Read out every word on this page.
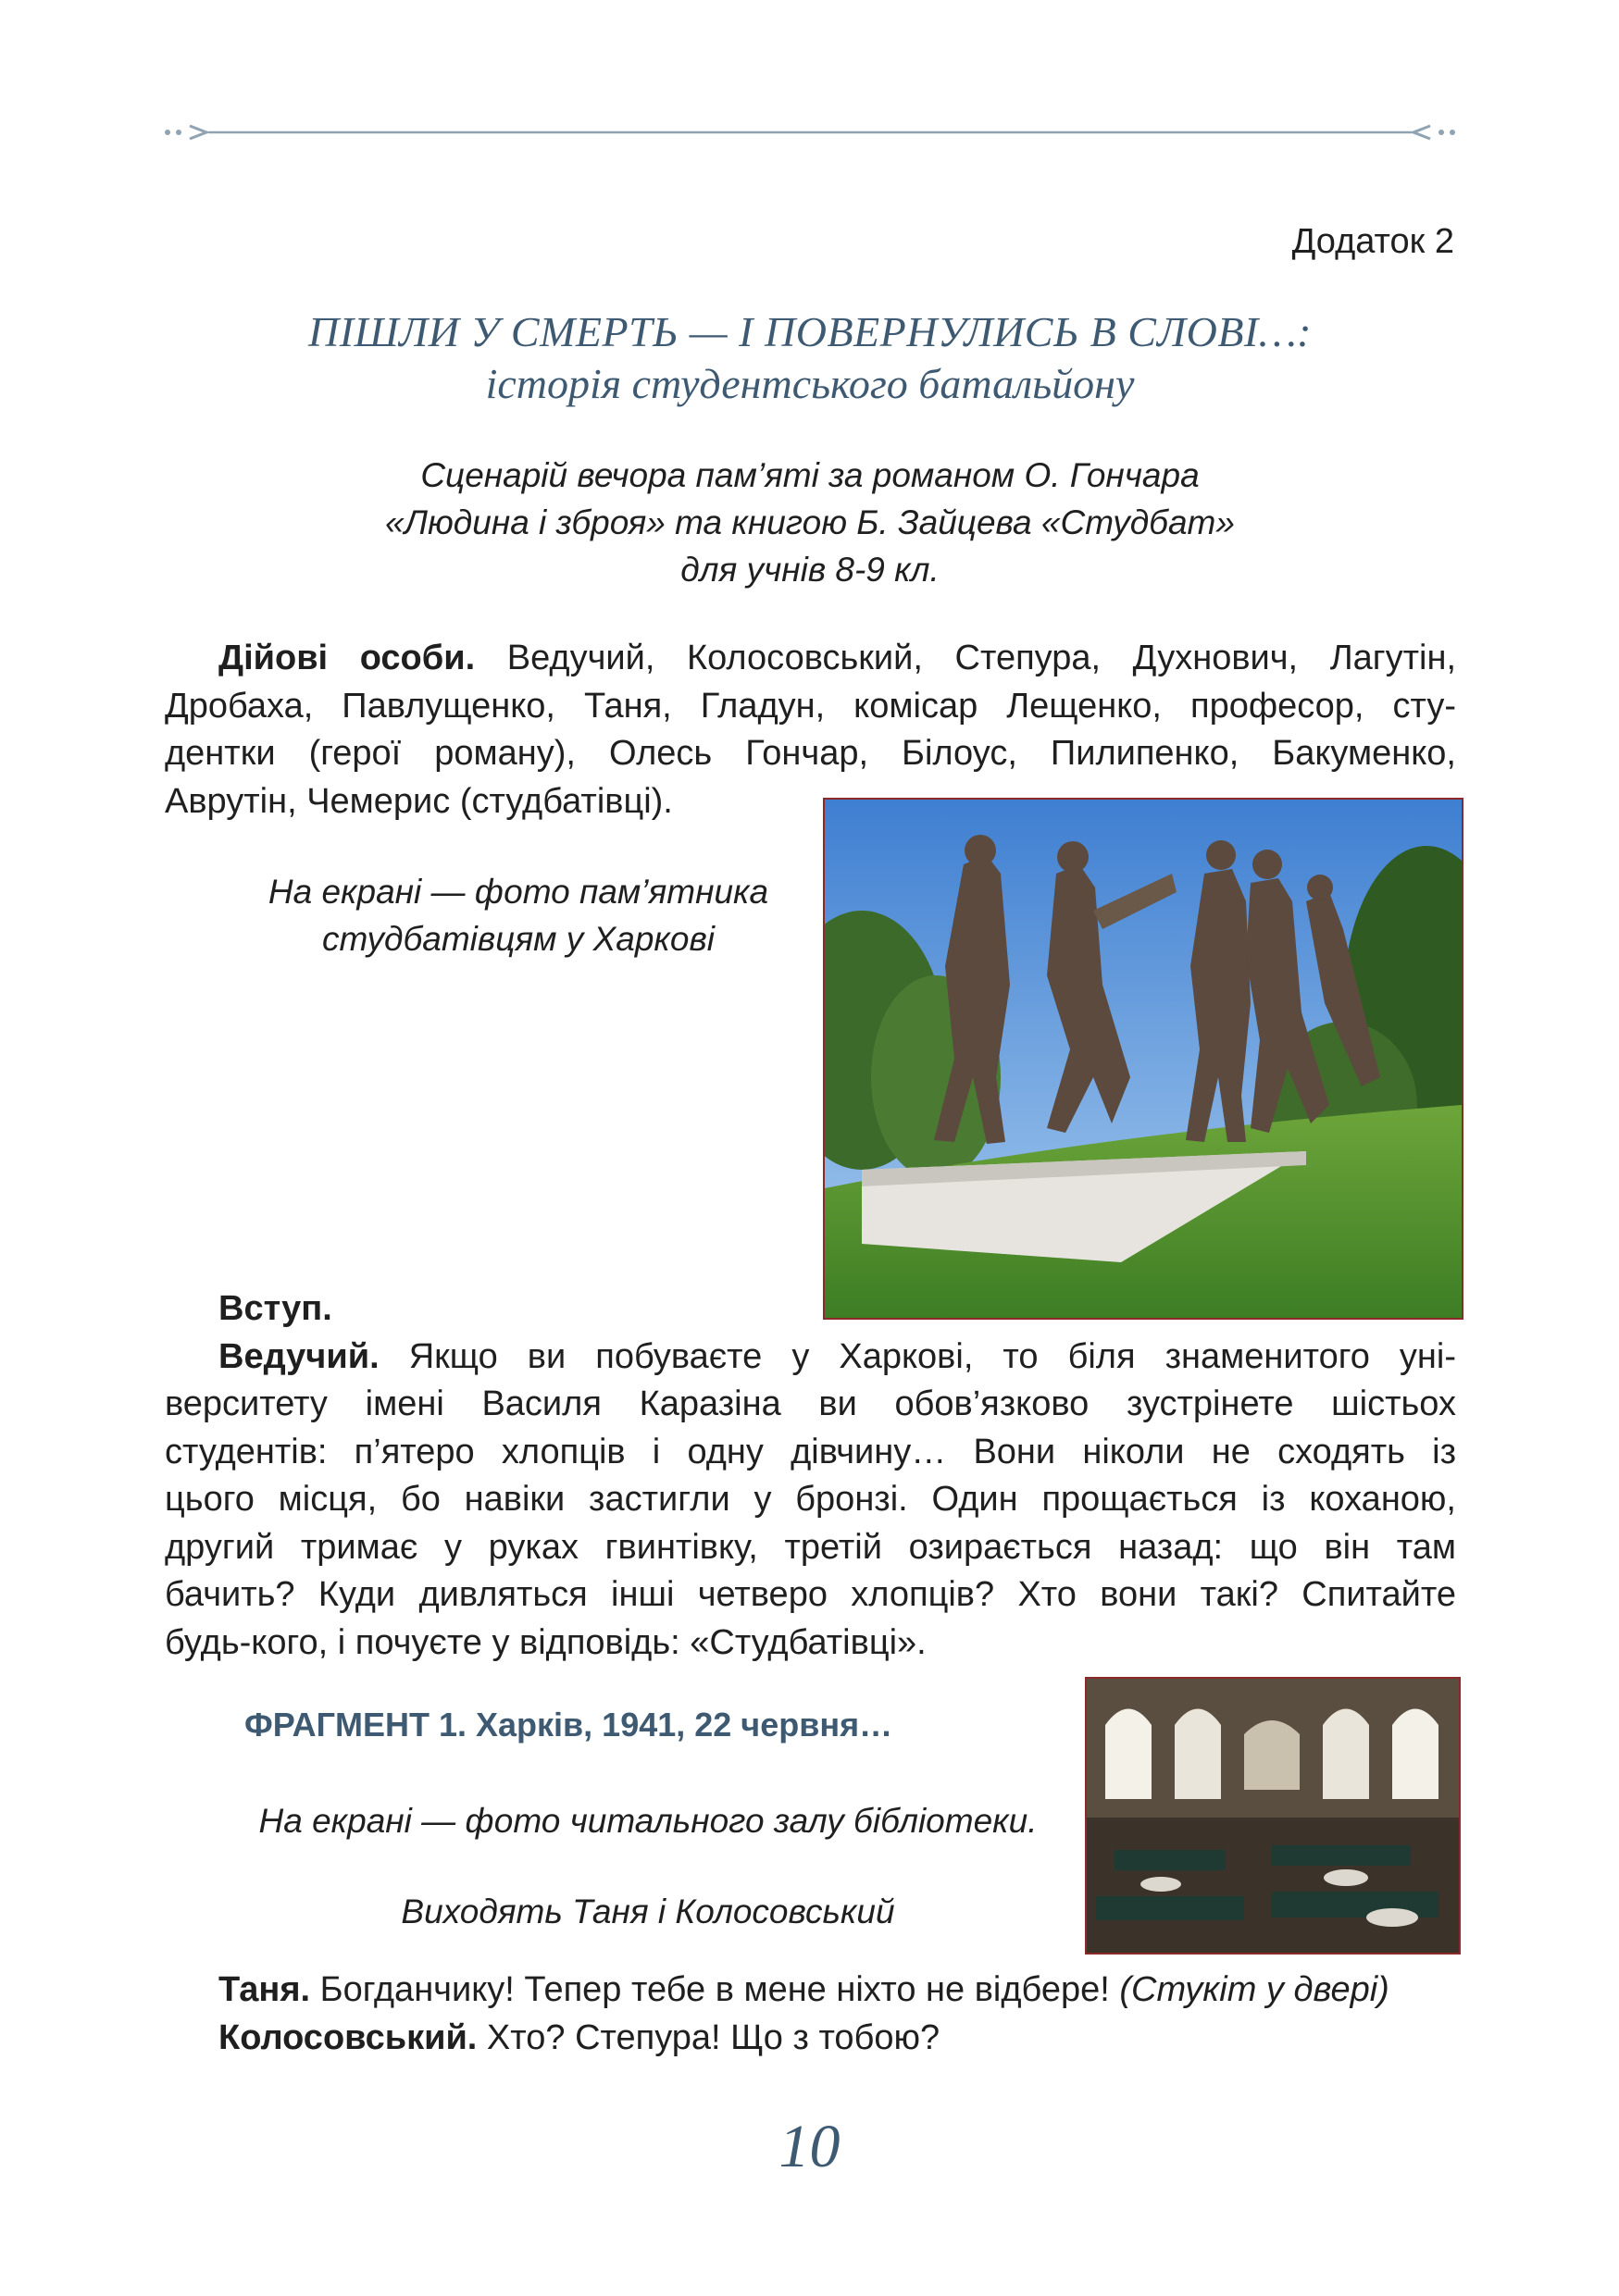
Додаток 2
ПІШЛИ У СМЕРТЬ — І ПОВЕРНУЛИСЬ В СЛОВІ…:
історія студентського батальйону
Сценарій вечора пам’яті за романом О. Гончара
«Людина і зброя» та книгою Б. Зайцева «Студбат»
для учнів 8-9 кл.
Дійові особи. Ведучий, Колосовський, Степура, Духнович, Лагутін,
Дробаха, Павлущенко, Таня, Гладун, комісар Лещенко, професор, сту-
дентки (герої роману), Олесь Гончар, Білоус, Пилипенко, Бакуменко,
Аврутін, Чемерис (студбатівці).
На екрані — фото пам’ятника
студбатівцям у Харкові
Вступ.
Ведучий. Якщо ви побуваєте у Харкові, то біля знаменитого уні-
верситету імені Василя Каразіна ви обов’язково зустрінете шістьох
студентів: п’ятеро хлопців і одну дівчину… Вони ніколи не сходять із
цього місця, бо навіки застигли у бронзі. Один прощається із коханою,
другий тримає у руках гвинтівку, третій озирається назад: що він там
бачить? Куди дивляться інші четверо хлопців? Хто вони такі? Спитайте
будь-кого, і почуєте у відповідь: «Студбатівці».
ФРАГМЕНТ 1. Харків, 1941, 22 червня…
На екрані — фото читального залу бібліотеки.
Виходять Таня і Колосовський
Таня. Богданчику! Тепер тебе в мене ніхто не відбере! (Стукіт у двері)
Колосовський. Хто? Степура! Що з тобою?
10
